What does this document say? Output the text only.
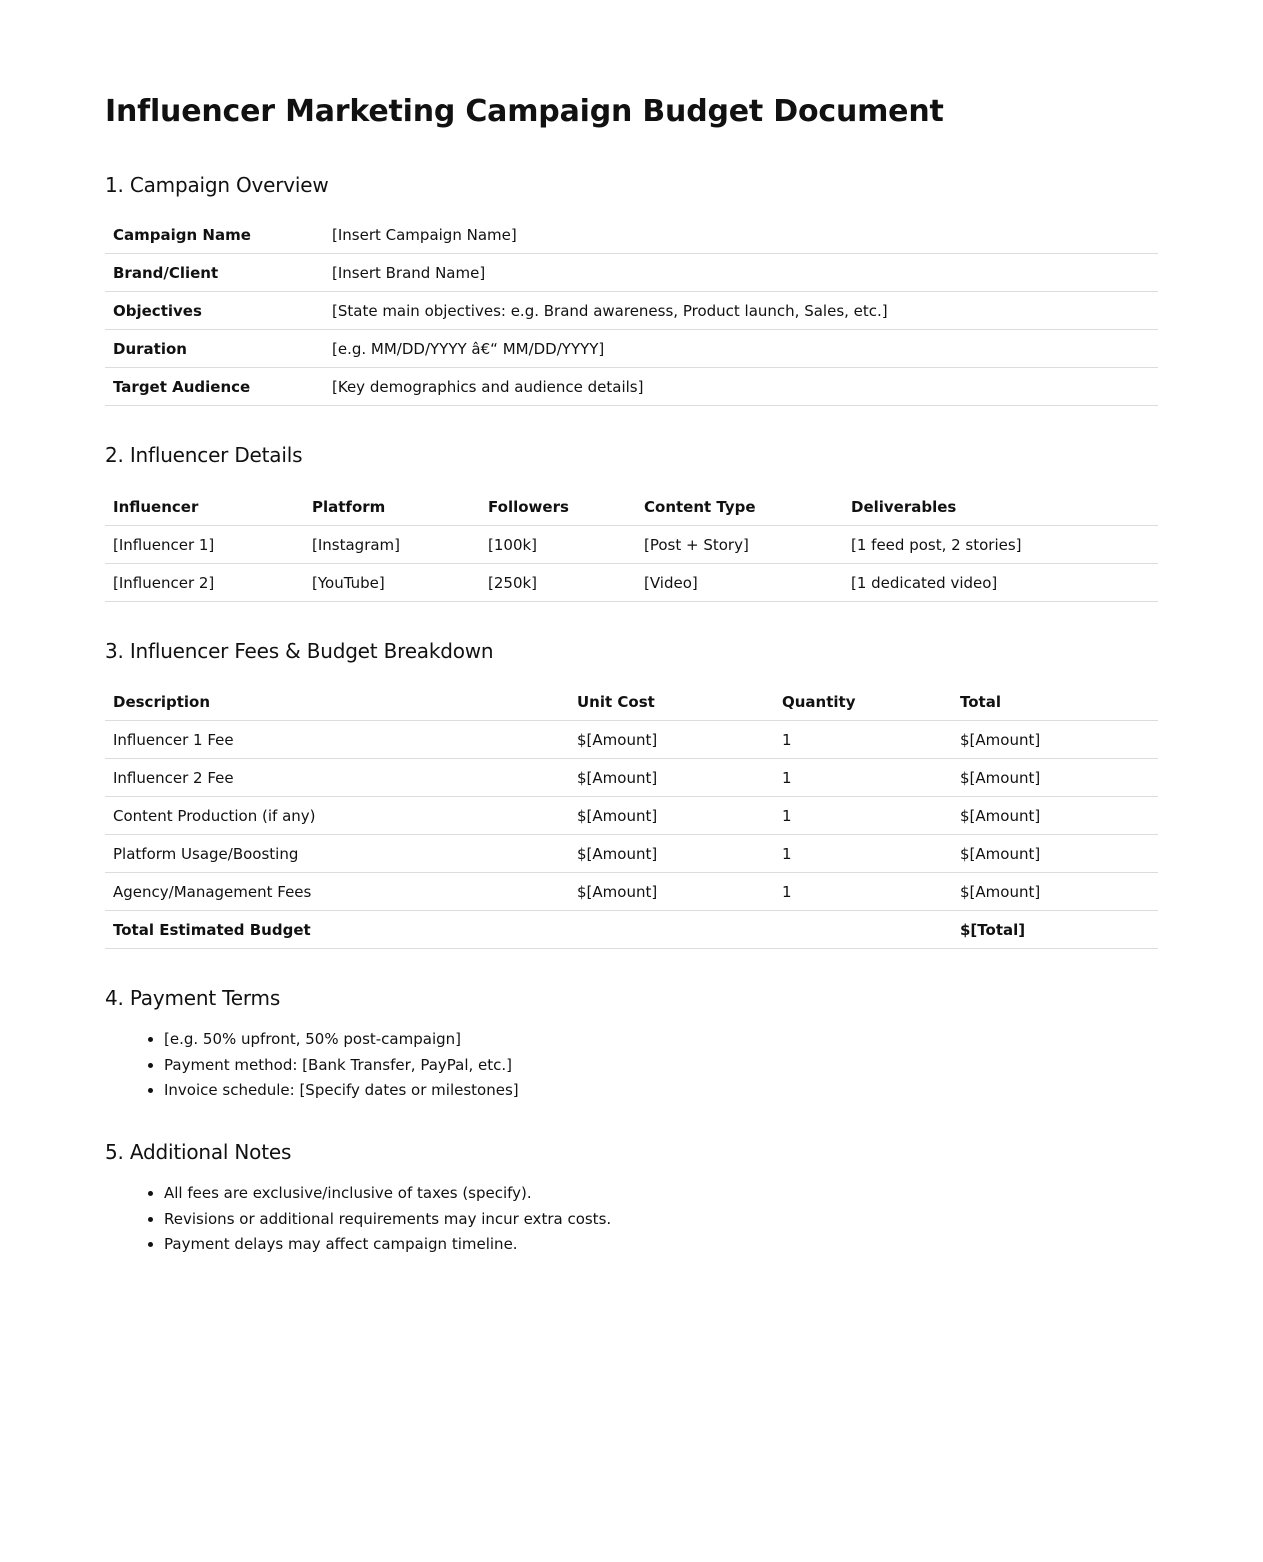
Influencer Marketing Campaign Budget Document
1. Campaign Overview
Campaign Name	[Insert Campaign Name]
Brand/Client	[Insert Brand Name]
Objectives	[State main objectives: e.g. Brand awareness, Product launch, Sales, etc.]
Duration	[e.g. MM/DD/YYYY â€“ MM/DD/YYYY]
Target Audience	[Key demographics and audience details]
2. Influencer Details
Influencer	Platform	Followers	Content Type	Deliverables
[Influencer 1]	[Instagram]	[100k]	[Post + Story]	[1 feed post, 2 stories]
[Influencer 2]	[YouTube]	[250k]	[Video]	[1 dedicated video]
3. Influencer Fees & Budget Breakdown
Description	Unit Cost	Quantity	Total
Influencer 1 Fee	$[Amount]	1	$[Amount]
Influencer 2 Fee	$[Amount]	1	$[Amount]
Content Production (if any)	$[Amount]	1	$[Amount]
Platform Usage/Boosting	$[Amount]	1	$[Amount]
Agency/Management Fees	$[Amount]	1	$[Amount]
Total Estimated Budget			$[Total]
4. Payment Terms
• [e.g. 50% upfront, 50% post-campaign]
• Payment method: [Bank Transfer, PayPal, etc.]
• Invoice schedule: [Specify dates or milestones]
5. Additional Notes
• All fees are exclusive/inclusive of taxes (specify).
• Revisions or additional requirements may incur extra costs.
• Payment delays may affect campaign timeline.
